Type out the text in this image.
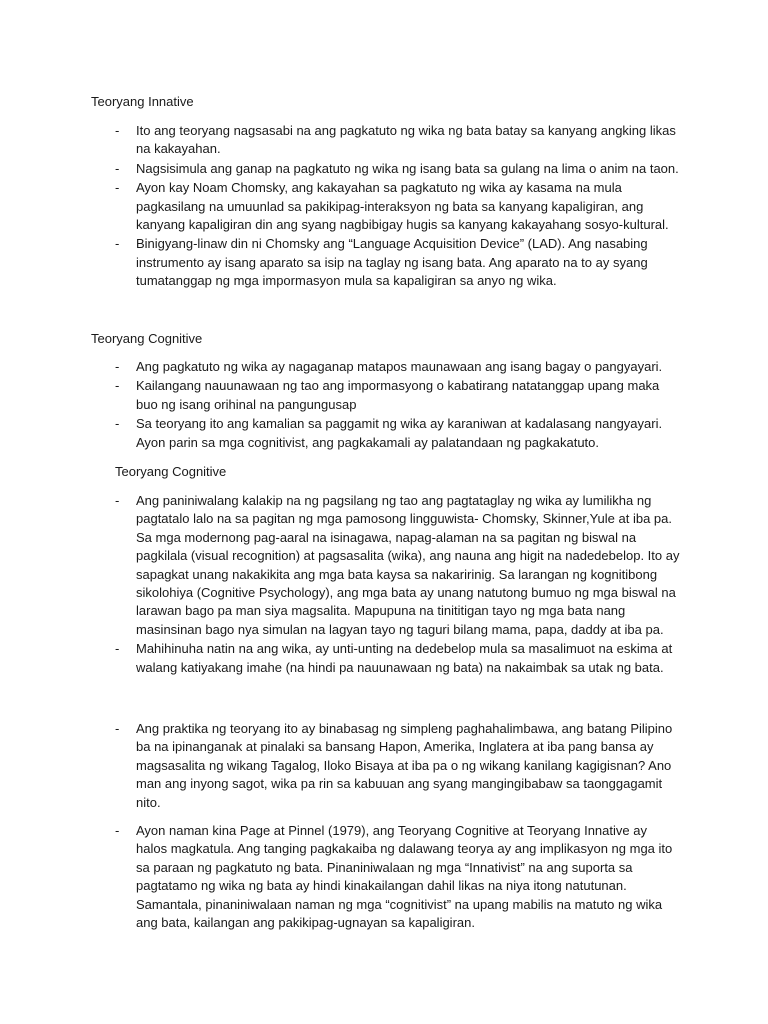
Teoryang Innative
- Ito ang teoryang nagsasabi na ang pagkatuto ng wika ng bata batay sa kanyang angking likas na kakayahan.
- Nagsisimula ang ganap na pagkatuto ng wika ng isang bata sa gulang na lima o anim na taon.
- Ayon kay Noam Chomsky, ang kakayahan sa pagkatuto ng wika ay kasama na mula pagkasilang na umuunlad sa pakikipag-interaksyon ng bata sa kanyang kapaligiran, ang kanyang kapaligiran din ang syang nagbibigay hugis sa kanyang kakayahang sosyo-kultural.
- Binigyang-linaw din ni Chomsky ang “Language Acquisition Device” (LAD). Ang nasabing instrumento ay isang aparato sa isip na taglay ng isang bata. Ang aparato na to ay syang tumatanggap ng mga impormasyon mula sa kapaligiran sa anyo ng wika.
Teoryang Cognitive
- Ang pagkatuto ng wika ay nagaganap matapos maunawaan ang isang bagay o pangyayari.
- Kailangang nauunawaan ng tao ang impormasyong o kabatirang natatanggap upang maka buo ng isang orihinal na pangungusap
- Sa teoryang ito ang kamalian sa paggamit ng wika ay karaniwan at kadalasang nangyayari. Ayon parin sa mga cognitivist, ang pagkakamali ay palatandaan ng pagkakatuto.
Teoryang Cognitive
- Ang paniniwalang kalakip na ng pagsilang ng tao ang pagtataglay ng wika ay lumilikha ng pagtatalo lalo na sa pagitan ng mga pamosong lingguwista- Chomsky, Skinner,Yule at iba pa. Sa mga modernong pag-aaral na isinagawa, napag-alaman na sa pagitan ng biswal na pagkilala (visual recognition) at pagsasalita (wika), ang nauna ang higit na nadedebelop. Ito ay sapagkat unang nakakikita ang mga bata kaysa sa nakaririnig. Sa larangan ng kognitibong sikolohiya (Cognitive Psychology), ang mga bata ay unang natutong bumuo ng mga biswal na larawan bago pa man siya magsalita. Mapupuna na tinititigan tayo ng mga bata nang masinsinan bago nya simulan na lagyan tayo ng taguri bilang mama, papa, daddy at iba pa.
- Mahihinuha natin na ang wika, ay unti-unting na dedebelop mula sa masalimuot na eskima at walang katiyakang imahe (na hindi pa nauunawaan ng bata) na nakaimbak sa utak ng bata.
- Ang praktika ng teoryang ito ay binabasag ng simpleng paghahalimbawa, ang batang Pilipino ba na ipinanganak at pinalaki sa bansang Hapon, Amerika, Inglatera at iba pang bansa ay magsasalita ng wikang Tagalog, Iloko Bisaya at iba pa o ng wikang kanilang kagigisnan? Ano man ang inyong sagot, wika pa rin sa kabuuan ang syang mangingibabaw sa taonggagamit nito.
- Ayon naman kina Page at Pinnel (1979), ang Teoryang Cognitive at Teoryang Innative ay halos magkatula. Ang tanging pagkakaiba ng dalawang teorya ay ang implikasyon ng mga ito sa paraan ng pagkatuto ng bata. Pinaniniwalaan ng mga “Innativist” na ang suporta sa pagtatamo ng wika ng bata ay hindi kinakailangan dahil likas na niya itong natutunan. Samantala, pinaniniwalaan naman ng mga “cognitivist” na upang mabilis na matuto ng wika ang bata, kailangan ang pakikipag-ugnayan sa kapaligiran.
